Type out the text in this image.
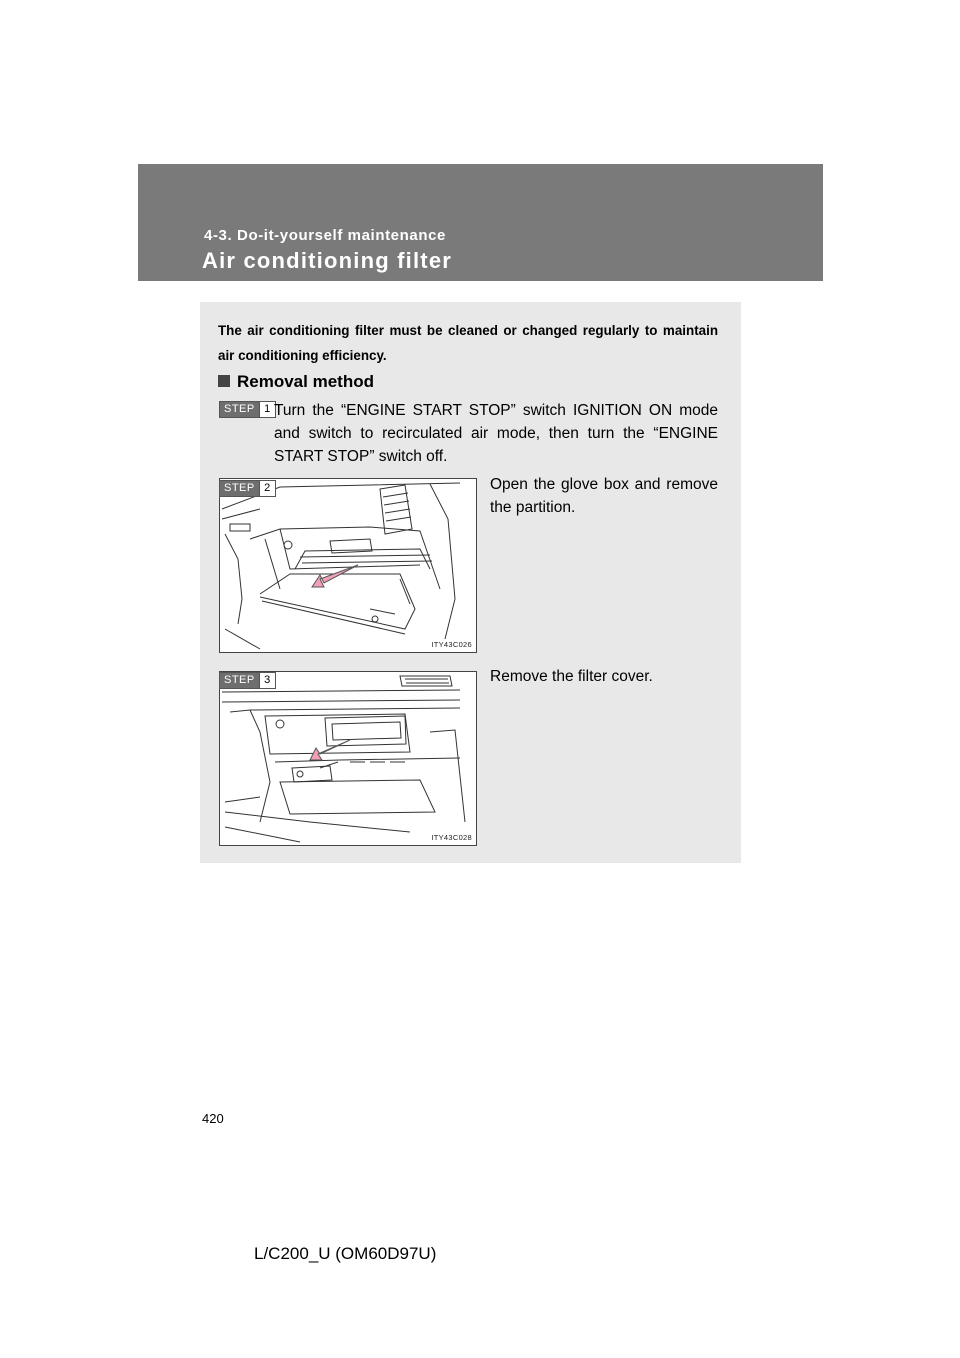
4-3. Do-it-yourself maintenance
Air conditioning filter
The air conditioning filter must be cleaned or changed regularly to maintain air conditioning efficiency.
Removal method
STEP 1 Turn the “ENGINE START STOP” switch IGNITION ON mode and switch to recirculated air mode, then turn the “ENGINE START STOP” switch off.
ITY43C026
STEP 2	Open the glove box and remove the partition.
ITY43C028
STEP 3	Remove the filter cover.
420
L/C200_U (OM60D97U)
